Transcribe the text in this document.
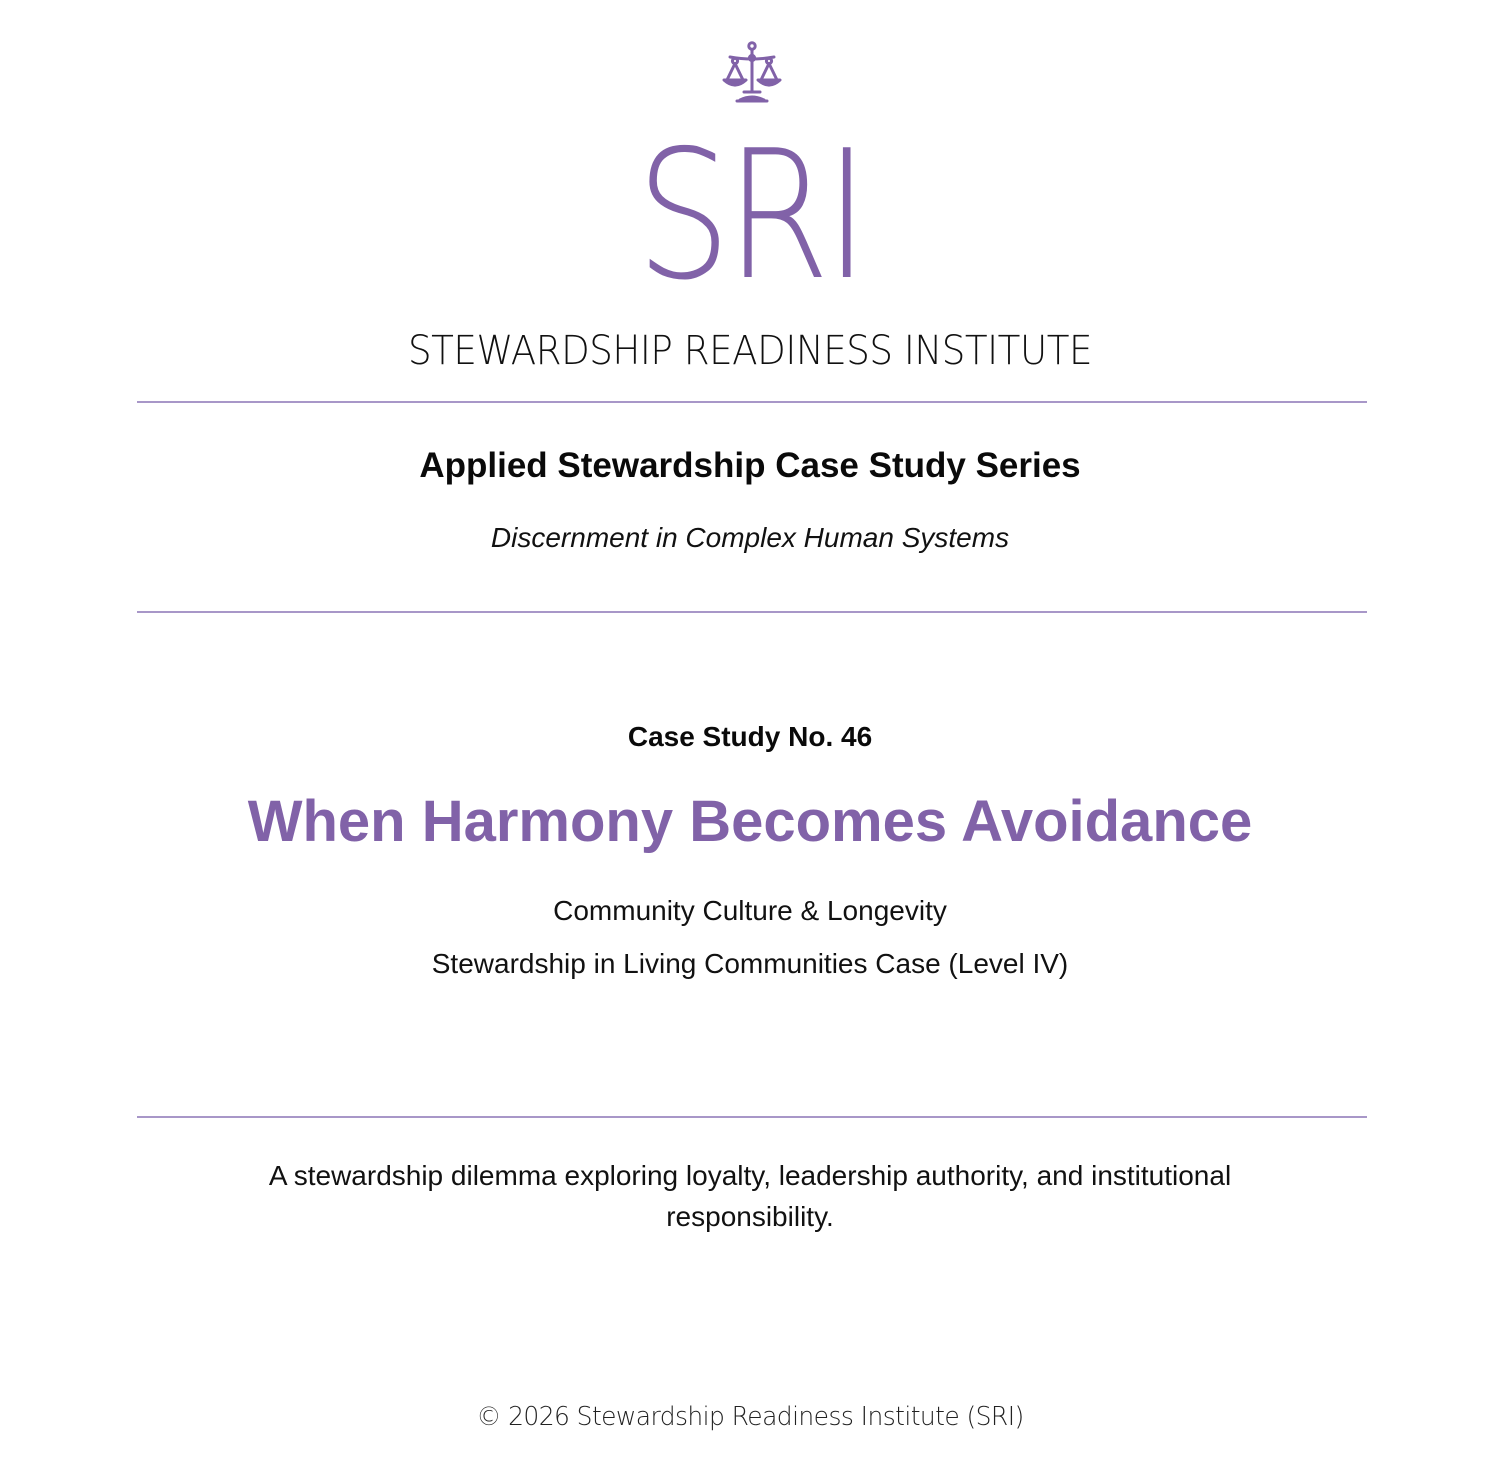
SRI
STEWARDSHIP READINESS INSTITUTE
Applied Stewardship Case Study Series
Discernment in Complex Human Systems
Case Study No. 46
When Harmony Becomes Avoidance
Community Culture & Longevity
Stewardship in Living Communities Case (Level IV)
A stewardship dilemma exploring loyalty, leadership authority, and institutional responsibility.
© 2026 Stewardship Readiness Institute (SRI)
